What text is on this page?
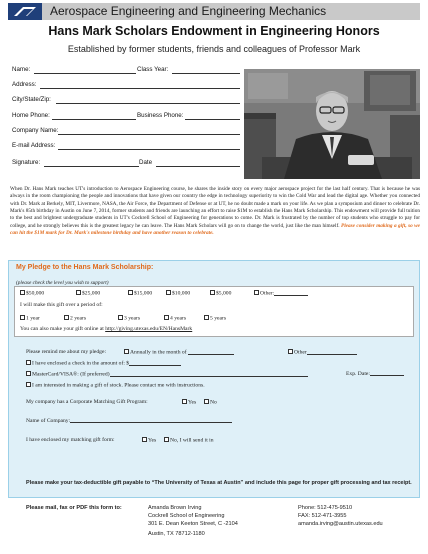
Aerospace Engineering and Engineering Mechanics
Hans Mark Scholars Endowment in Engineering Honors
Established by former students, friends and colleagues of Professor Mark
Name:	Class Year:
Address:
City/State/Zip:
Home Phone:	Business Phone:
Company Name:
E-mail Address:
Signature:	Date
When Dr. Hans Mark teaches UT's introduction to Aerospace Engineering course, he shares the inside story on every major aerospace project for the last half century. That is because he was always in the room championing the people and innovations that have given our country the edge in technology superiority to win the Cold War and lead the digital age. Whether you connected with Dr. Mark at Berkely, MIT, Livermore, NASA, the Air Force, the Department of Defense or at UT, he no doubt made a mark on your life. As we plan a symposium and dinner to celebrate Dr. Mark's 85th birthday in Austin on June 7, 2014, former students and friends are launching an effort to raise $1M to establish the Hans Mark Scholarship. This endowment will provide full tuition to the best and brightest undergraduate students in UT's Cockrell School of Engineering for generations to come. Dr. Mark is frustrated by the number of top students who struggle to pay for college, and he strongly believes this is the greatest legacy he can leave. The Hans Mark Scholars will go on to change the world, just like the man himself. Please consider making a gift, so we can hit the $1M mark for Dr. Mark's milestone birthday and have another reason to celebrate.
My Pledge to the Hans Mark Scholarship:
(please check the level you wish to support)
$50,000	$25,000	$15,000	$10,000	$5,000	Other:
I will make this gift over a period of:
1 year	2 years	3 years	4 years	5 years
You can also make your gift online at http://giving.utexas.edu/EN/HansMark
Please remind me about my pledge:	Annually in the month of	Other
I have enclosed a check in the amount of: $
MasterCard/VISA®: (If preferred)	Exp. Date:
I am interested in making a gift of stock. Please contact me with instructions.
My company has a Corporate Matching Gift Program:	Yes	No
Name of Company:
I have enclosed my matching gift form:	Yes	No, I will send it in
Please make your tax-deductible gift payable to “The University of Texas at Austin” and include this page for proper gift processing and tax receipt.
Please mail, fax or PDF this form to:	Amanda Brown Irving
Cockrell School of Engineering
301 E. Dean Keeton Street, C -2104
Austin, TX 78712-1180
Phone: 512-475-9510
FAX: 512-471-3955
amanda.irving@austin.utexas.edu
